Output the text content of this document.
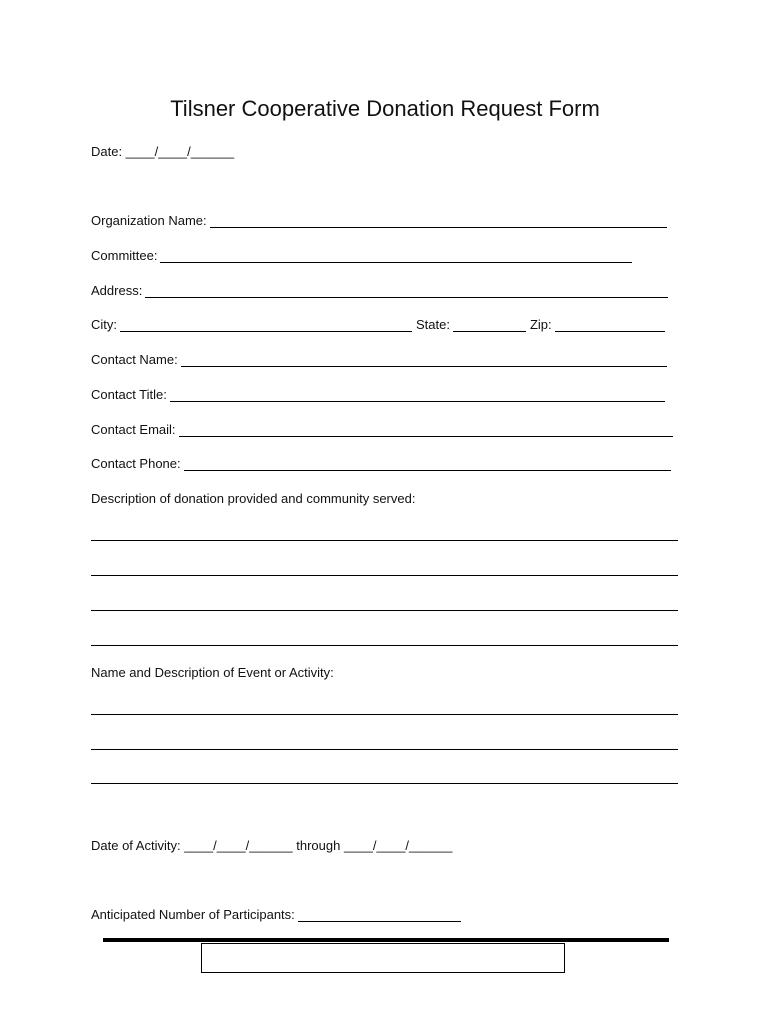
Tilsner Cooperative Donation Request Form
Date: ____/____/______
Organization Name:
Committee:
Address:
City:	State:	Zip:
Contact Name:
Contact Title:
Contact Email:
Contact Phone:
Description of donation provided and community served:
Name and Description of Event or Activity:
Date of Activity: ____/____/______ through ____/____/______
Anticipated Number of Participants:
